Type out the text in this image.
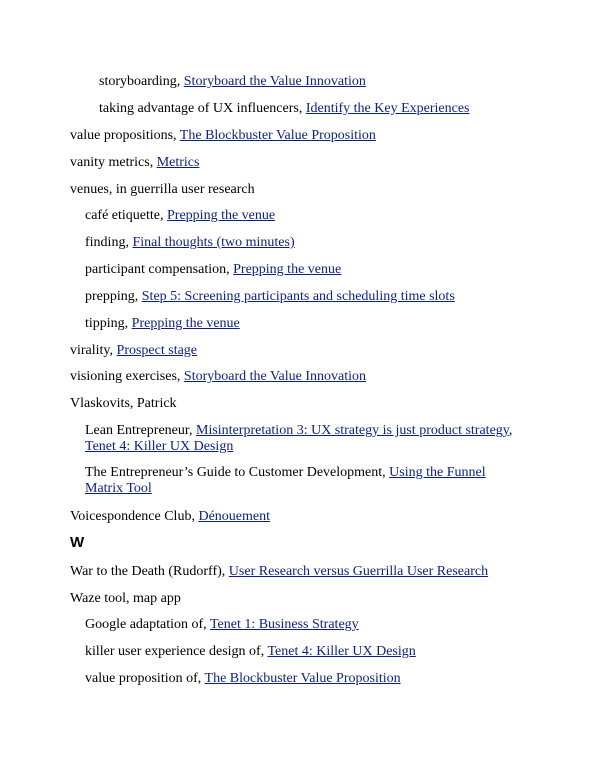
storyboarding, Storyboard the Value Innovation
taking advantage of UX influencers, Identify the Key Experiences
value propositions, The Blockbuster Value Proposition
vanity metrics, Metrics
venues, in guerrilla user research
café etiquette, Prepping the venue
finding, Final thoughts (two minutes)
participant compensation, Prepping the venue
prepping, Step 5: Screening participants and scheduling time slots
tipping, Prepping the venue
virality, Prospect stage
visioning exercises, Storyboard the Value Innovation
Vlaskovits, Patrick
Lean Entrepreneur, Misinterpretation 3: UX strategy is just product strategy, Tenet 4: Killer UX Design
The Entrepreneur’s Guide to Customer Development, Using the Funnel Matrix Tool
Voicespondence Club, Dénouement
W
War to the Death (Rudorff), User Research versus Guerrilla User Research
Waze tool, map app
Google adaptation of, Tenet 1: Business Strategy
killer user experience design of, Tenet 4: Killer UX Design
value proposition of, The Blockbuster Value Proposition
